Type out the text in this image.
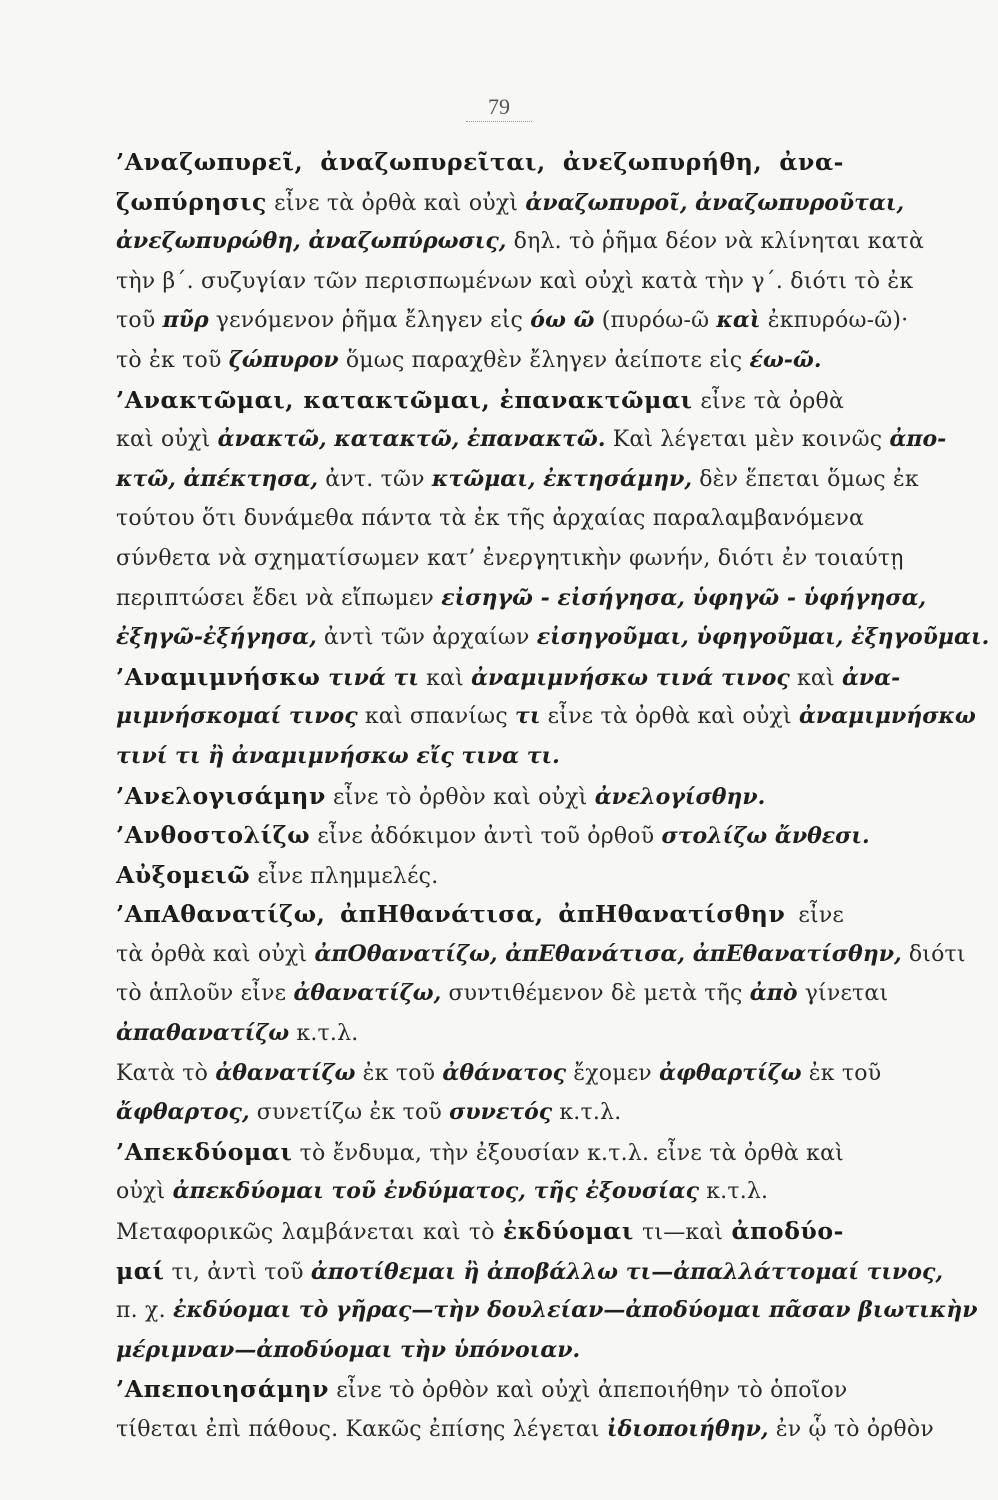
79
’Αναζωπυρεῖ, ἀναζωπυρεῖται, ἀνεζωπυρήθη, ἀνα-
ζωπύρησις εἶνε τὰ ὀρθὰ καὶ οὐχὶ ἀναζωπυροῖ, ἀναζωπυροῦται,
ἀνεζωπυρώθη, ἀναζωπύρωσις, δηλ. τὸ ῥῆμα δέον νὰ κλίνηται κατὰ
τὴν β΄. συζυγίαν τῶν περισπωμένων καὶ οὐχὶ κατὰ τὴν γ΄. διότι τὸ ἐκ
τοῦ πῦρ γενόμενον ῥῆμα ἔληγεν εἰς όω ῶ (πυρόω-ῶ καὶ ἐκπυρόω-ῶ)·
τὸ ἐκ τοῦ ζώπυρον ὅμως παραχθὲν ἔληγεν ἀείποτε εἰς έω-ῶ.
’Ανακτῶμαι, κατακτῶμαι, ἐπανακτῶμαι εἶνε τὰ ὀρθὰ
καὶ οὐχὶ ἀνακτῶ, κατακτῶ, ἐπανακτῶ. Καὶ λέγεται μὲν κοινῶς ἀπο-
κτῶ, ἀπέκτησα, ἀντ. τῶν κτῶμαι, ἐκτησάμην, δὲν ἕπεται ὅμως ἐκ
τούτου ὅτι δυνάμεθα πάντα τὰ ἐκ τῆς ἀρχαίας παραλαμβανόμενα
σύνθετα νὰ σχηματίσωμεν κατ’ ἐνεργητικὴν φωνήν, διότι ἐν τοιαύτῃ
περιπτώσει ἔδει νὰ εἴπωμεν εἰσηγῶ - εἰσήγησα, ὑφηγῶ - ὑφήγησα,
ἐξηγῶ-ἐξήγησα, ἀντὶ τῶν ἀρχαίων εἰσηγοῦμαι, ὑφηγοῦμαι, ἐξηγοῦμαι.
’Αναμιμνήσκω τινά τι καὶ ἀναμιμνήσκω τινά τινος καὶ ἀνα-
μιμνήσκομαί τινος καὶ σπανίως τι εἶνε τὰ ὀρθὰ καὶ οὐχὶ ἀναμιμνήσκω
τινί τι ἢ ἀναμιμνήσκω εἴς τινα τι.
’Ανελογισάμην εἶνε τὸ ὀρθὸν καὶ οὐχὶ ἀνελογίσθην.
’Ανθοστολίζω εἶνε ἀδόκιμον ἀντὶ τοῦ ὀρθοῦ στολίζω ἄνθεσι.
Αὐξομειῶ εἶνε πλημμελές.
’ΑπΑθανατίζω, ἀπΗθανάτισα, ἀπΗθανατίσθην εἶνε
τὰ ὀρθὰ καὶ οὐχὶ ἀπΟθανατίζω, ἀπΕθανάτισα, ἀπΕθανατίσθην, διότι
τὸ ἁπλοῦν εἶνε ἀθανατίζω, συντιθέμενον δὲ μετὰ τῆς ἀπὸ γίνεται
ἀπαθανατίζω κ.τ.λ.
Κατὰ τὸ ἀθανατίζω ἐκ τοῦ ἀθάνατος ἔχομεν ἀφθαρτίζω ἐκ τοῦ
ἄφθαρτος, συνετίζω ἐκ τοῦ συνετός κ.τ.λ.
’Απεκδύομαι τὸ ἔνδυμα, τὴν ἐξουσίαν κ.τ.λ. εἶνε τὰ ὀρθὰ καὶ
οὐχὶ ἀπεκδύομαι τοῦ ἐνδύματος, τῆς ἐξουσίας κ.τ.λ.
Μεταφορικῶς λαμβάνεται καὶ τὸ ἐκδύομαι τι—καὶ ἀποδύο-
μαί τι, ἀντὶ τοῦ ἀποτίθεμαι ἢ ἀποβάλλω τι—ἀπαλλάττομαί τινος,
π. χ. ἐκδύομαι τὸ γῆρας—τὴν δουλείαν—ἀποδύομαι πᾶσαν βιωτικὴν
μέριμναν—ἀποδύομαι τὴν ὑπόνοιαν.
’Απεποιησάμην εἶνε τὸ ὀρθὸν καὶ οὐχὶ ἀπεποιήθην τὸ ὁποῖον
τίθεται ἐπὶ πάθους. Κακῶς ἐπίσης λέγεται ἰδιοποιήθην, ἐν ᾧ τὸ ὀρθὸν
